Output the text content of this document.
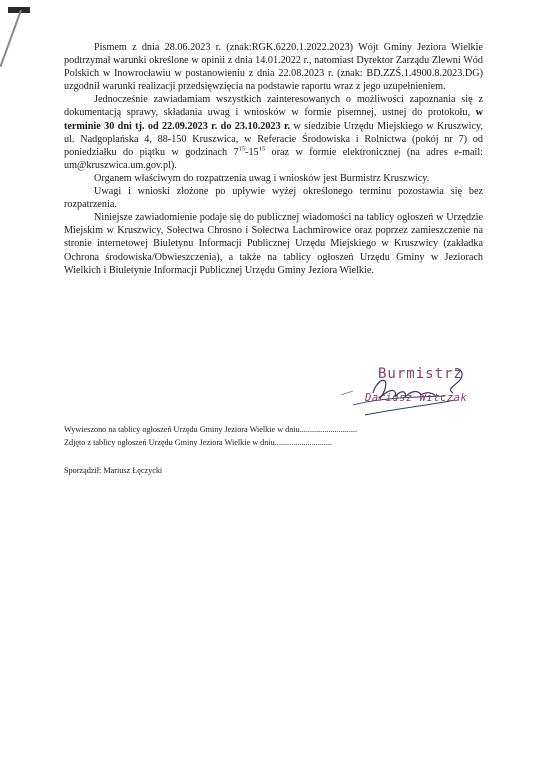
Pismem z dnia 28.06.2023 r. (znak:RGK.6220.1.2022.2023) Wójt Gminy Jeziora Wielkie podtrzymał warunki określone w opinii z dnia 14.01.2022 r., natomiast Dyrektor Zarządu Zlewni Wód Polskich w Inowrocławiu w postanowieniu z dnia 22.08.2023 r. (znak: BD.ZZŚ.1.4900.8.2023.DG) uzgodnił warunki realizacji przedsięwzięcia na podstawie raportu wraz z jego uzupełnieniem.

Jednocześnie zawiadamiam wszystkich zainteresowanych o możliwości zapoznania się z dokumentacją sprawy, składania uwag i wniosków w formie pisemnej, ustnej do protokołu, w terminie 30 dni tj. od 22.09.2023 r. do 23.10.2023 r. w siedzibie Urzędu Miejskiego w Kruszwicy, ul. Nadgoplańska 4, 88-150 Kruszwica, w Referacie Środowiska i Rolnictwa (pokój nr 7) od poniedziałku do piątku w godzinach $7^{15}-15^{15}$ oraz w formie elektronicznej (na adres e-mail: um@kruszwica.um.gov.pl).

Organem właściwym do rozpatrzenia uwag i wniosków jest Burmistrz Kruszwicy.

Uwagi i wnioski złożone po upływie wyżej określonego terminu pozostawia się bez rozpatrzenia.

Niniejsze zawiadomienie podaje się do publicznej wiadomości na tablicy ogłoszeń w Urzędzie Miejskim w Kruszwicy, Sołectwa Chrosno i Sołectwa Lachmirowice oraz poprzez zamieszczenie na stronie internetowej Biuletynu Informacji Publicznej Urzędu Miejskiego w Kruszwicy (zakładka Ochrona środowiska/Obwieszczenia), a także na tablicy ogłoszeń Urzędu Gminy w Jeziorach Wielkich i Biuletynie Informacji Publicznej Urzędu Gminy Jeziora Wielkie.

Burmistrz
Dariusz Witczak

Wywieszono na tablicy ogłoszeń Urzędu Gminy Jeziora Wielkie w dniu............................

Zdjęto z tablicy ogłoszeń Urzędu Gminy Jeziora Wielkie w dniu............................

Sporządził: Mariusz Łęczycki
